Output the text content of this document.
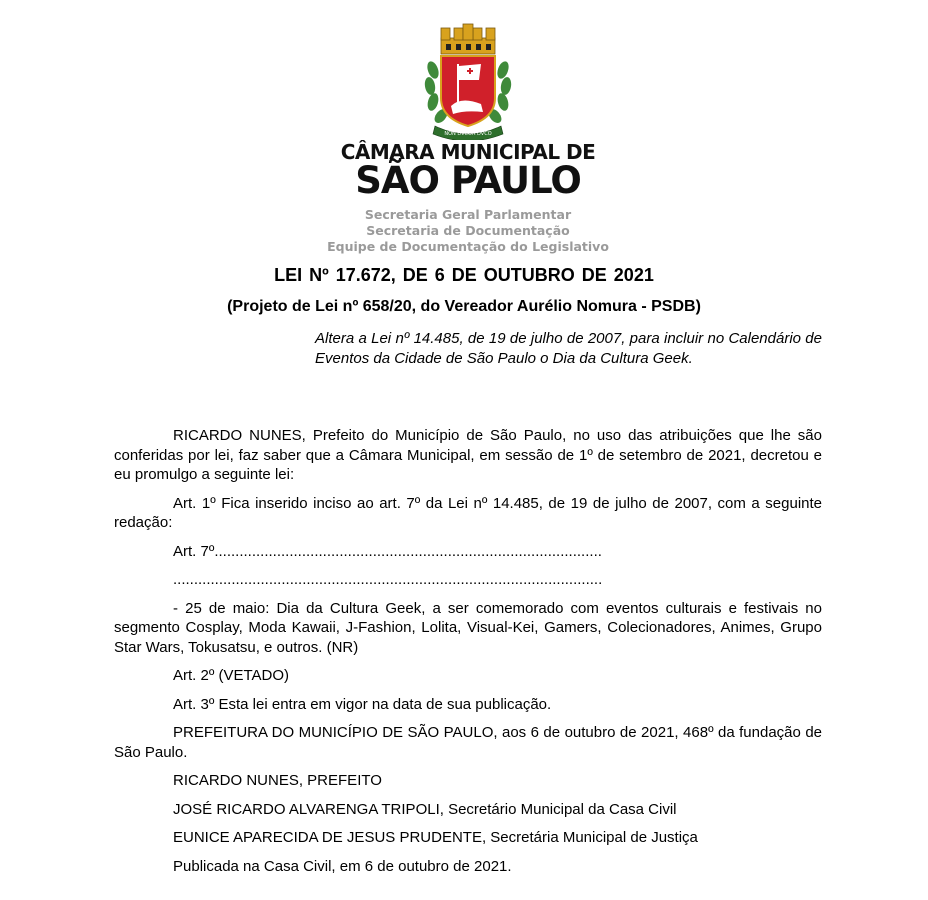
NON DVCOR DVCO
CÂMARA MUNICIPAL DE
SÃO PAULO
Secretaria Geral Parlamentar
Secretaria de Documentação
Equipe de Documentação do Legislativo
LEI Nº 17.672, DE 6 DE OUTUBRO DE 2021
(Projeto de Lei nº 658/20, do Vereador Aurélio Nomura - PSDB)
Altera a Lei nº 14.485, de 19 de julho de 2007, para incluir no Calendário de Eventos da Cidade de São Paulo o Dia da Cultura Geek.

RICARDO NUNES, Prefeito do Município de São Paulo, no uso das atribuições que lhe são conferidas por lei, faz saber que a Câmara Municipal, em sessão de 1º de setembro de 2021, decretou e eu promulgo a seguinte lei:

Art. 1º Fica inserido inciso ao art. 7º da Lei nº 14.485, de 19 de julho de 2007, com a seguinte redação:

Art. 7º.............................................................................................

.......................................................................................................

- 25 de maio: Dia da Cultura Geek, a ser comemorado com eventos culturais e festivais no segmento Cosplay, Moda Kawaii, J-Fashion, Lolita, Visual-Kei, Gamers, Colecionadores, Animes, Grupo Star Wars, Tokusatsu, e outros. (NR)

Art. 2º (VETADO)

Art. 3º Esta lei entra em vigor na data de sua publicação.

PREFEITURA DO MUNICÍPIO DE SÃO PAULO, aos 6 de outubro de 2021, 468º da fundação de São Paulo.

RICARDO NUNES, PREFEITO

JOSÉ RICARDO ALVARENGA TRIPOLI, Secretário Municipal da Casa Civil

EUNICE APARECIDA DE JESUS PRUDENTE, Secretária Municipal de Justiça

Publicada na Casa Civil, em 6 de outubro de 2021.
